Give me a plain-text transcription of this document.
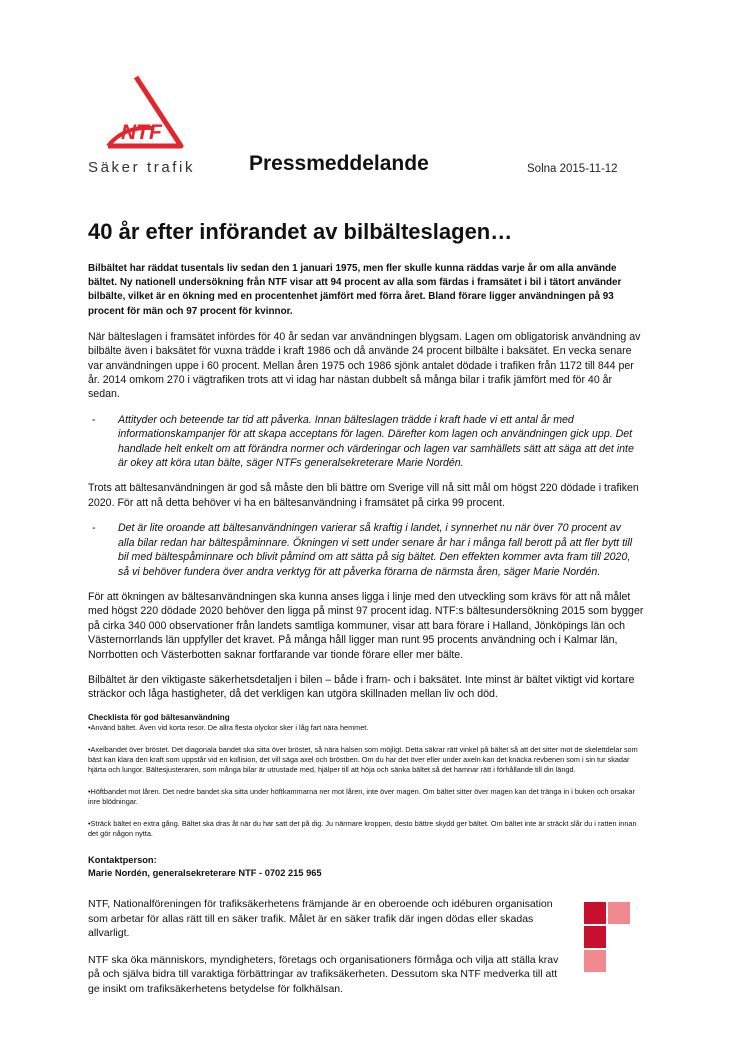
NTF
Säker trafik	Pressmeddelande	Solna 2015-11-12
40 år efter införandet av bilbälteslagen…

Bilbältet har räddat tusentals liv sedan den 1 januari 1975, men fler skulle kunna räddas varje år om alla använde bältet. Ny nationell undersökning från NTF visar att 94 procent av alla som färdas i framsätet i bil i tätort använder bilbälte, vilket är en ökning med en procentenhet jämfört med förra året. Bland förare ligger användningen på 93 procent för män och 97 procent för kvinnor.

När bälteslagen i framsätet infördes för 40 år sedan var användningen blygsam. Lagen om obligatorisk användning av bilbälte även i baksätet för vuxna trädde i kraft 1986 och då använde 24 procent bilbälte i baksätet. En vecka senare var användningen uppe i 60 procent. Mellan åren 1975 och 1986 sjönk antalet dödade i trafiken från 1172 till 844 per år. 2014 omkom 270 i vägtrafiken trots att vi idag har nästan dubbelt så många bilar i trafik jämfört med för 40 år sedan.

-	Attityder och beteende tar tid att påverka. Innan bälteslagen trädde i kraft hade vi ett antal år med informationskampanjer för att skapa acceptans för lagen. Därefter kom lagen och användningen gick upp. Det handlade helt enkelt om att förändra normer och värderingar och lagen var samhällets sätt att säga att det inte är okey att köra utan bälte, säger NTFs generalsekreterare Marie Nordén.

Trots att bältesanvändningen är god så måste den bli bättre om Sverige vill nå sitt mål om högst 220 dödade i trafiken 2020. För att nå detta behöver vi ha en bältesanvändning i framsätet på cirka 99 procent.

-	Det är lite oroande att bältesanvändningen varierar så kraftig i landet, i synnerhet nu när över 70 procent av alla bilar redan har bältespåminnare. Ökningen vi sett under senare år har i många fall berott på att fler bytt till bil med bältespåminnare och blivit påmind om att sätta på sig bältet. Den effekten kommer avta fram till 2020, så vi behöver fundera över andra verktyg för att påverka förarna de närmsta åren, säger Marie Nordén.

För att ökningen av bältesanvändningen ska kunna anses ligga i linje med den utveckling som krävs för att nå målet med högst 220 dödade 2020 behöver den ligga på minst 97 procent idag. NTF:s bältesundersökning 2015 som bygger på cirka 340 000 observationer från landets samtliga kommuner, visar att bara förare i Halland, Jönköpings län och Västernorrlands län uppfyller det kravet. På många håll ligger man runt 95 procents användning och i Kalmar län, Norrbotten och Västerbotten saknar fortfarande var tionde förare eller mer bälte.

Bilbältet är den viktigaste säkerhetsdetaljen i bilen – både i fram- och i baksätet. Inte minst är bältet viktigt vid kortare sträckor och låga hastigheter, då det verkligen kan utgöra skillnaden mellan liv och död.

Checklista för god bältesanvändning

•Använd bältet. Även vid korta resor. De allra flesta olyckor sker i låg fart nära hemmet.

•Axelbandet över bröstet. Det diagonala bandet ska sitta över bröstet, så nära halsen som möjligt. Detta säkrar rätt vinkel på bältet så att det sitter mot de skelettdelar som bäst kan klara den kraft som uppstår vid en kollision, det vill säga axel och bröstben. Om du har det över eller under axeln kan det knäcka revbenen som i sin tur skadar hjärta och lungor. Bältesjusteraren, som många bilar är utrustade med, hjälper till att höja och sänka bältet så det hamnar rätt i förhållande till din längd.

•Höftbandet mot låren. Det nedre bandet ska sitta under höftkammarna ner mot låren, inte över magen. Om bältet sitter över magen kan det tränga in i buken och orsakar inre blödningar.

•Sträck bältet en extra gång. Bältet ska dras åt när du har satt det på dig. Ju närmare kroppen, desto bättre skydd ger bältet. Om bältet inte är sträckt slår du i ratten innan det gör någon nytta.

Kontaktperson:
Marie Nordén, generalsekreterare NTF - 0702 215 965

NTF, Nationalföreningen för trafiksäkerhetens främjande är en oberoende och idéburen organisation som arbetar för allas rätt till en säker trafik. Målet är en säker trafik där ingen dödas eller skadas allvarligt.

NTF ska öka människors, myndigheters, företags och organisationers förmåga och vilja att ställa krav på och själva bidra till varaktiga förbättringar av trafiksäkerheten. Dessutom ska NTF medverka till att ge insikt om trafiksäkerhetens betydelse för folkhälsan.
